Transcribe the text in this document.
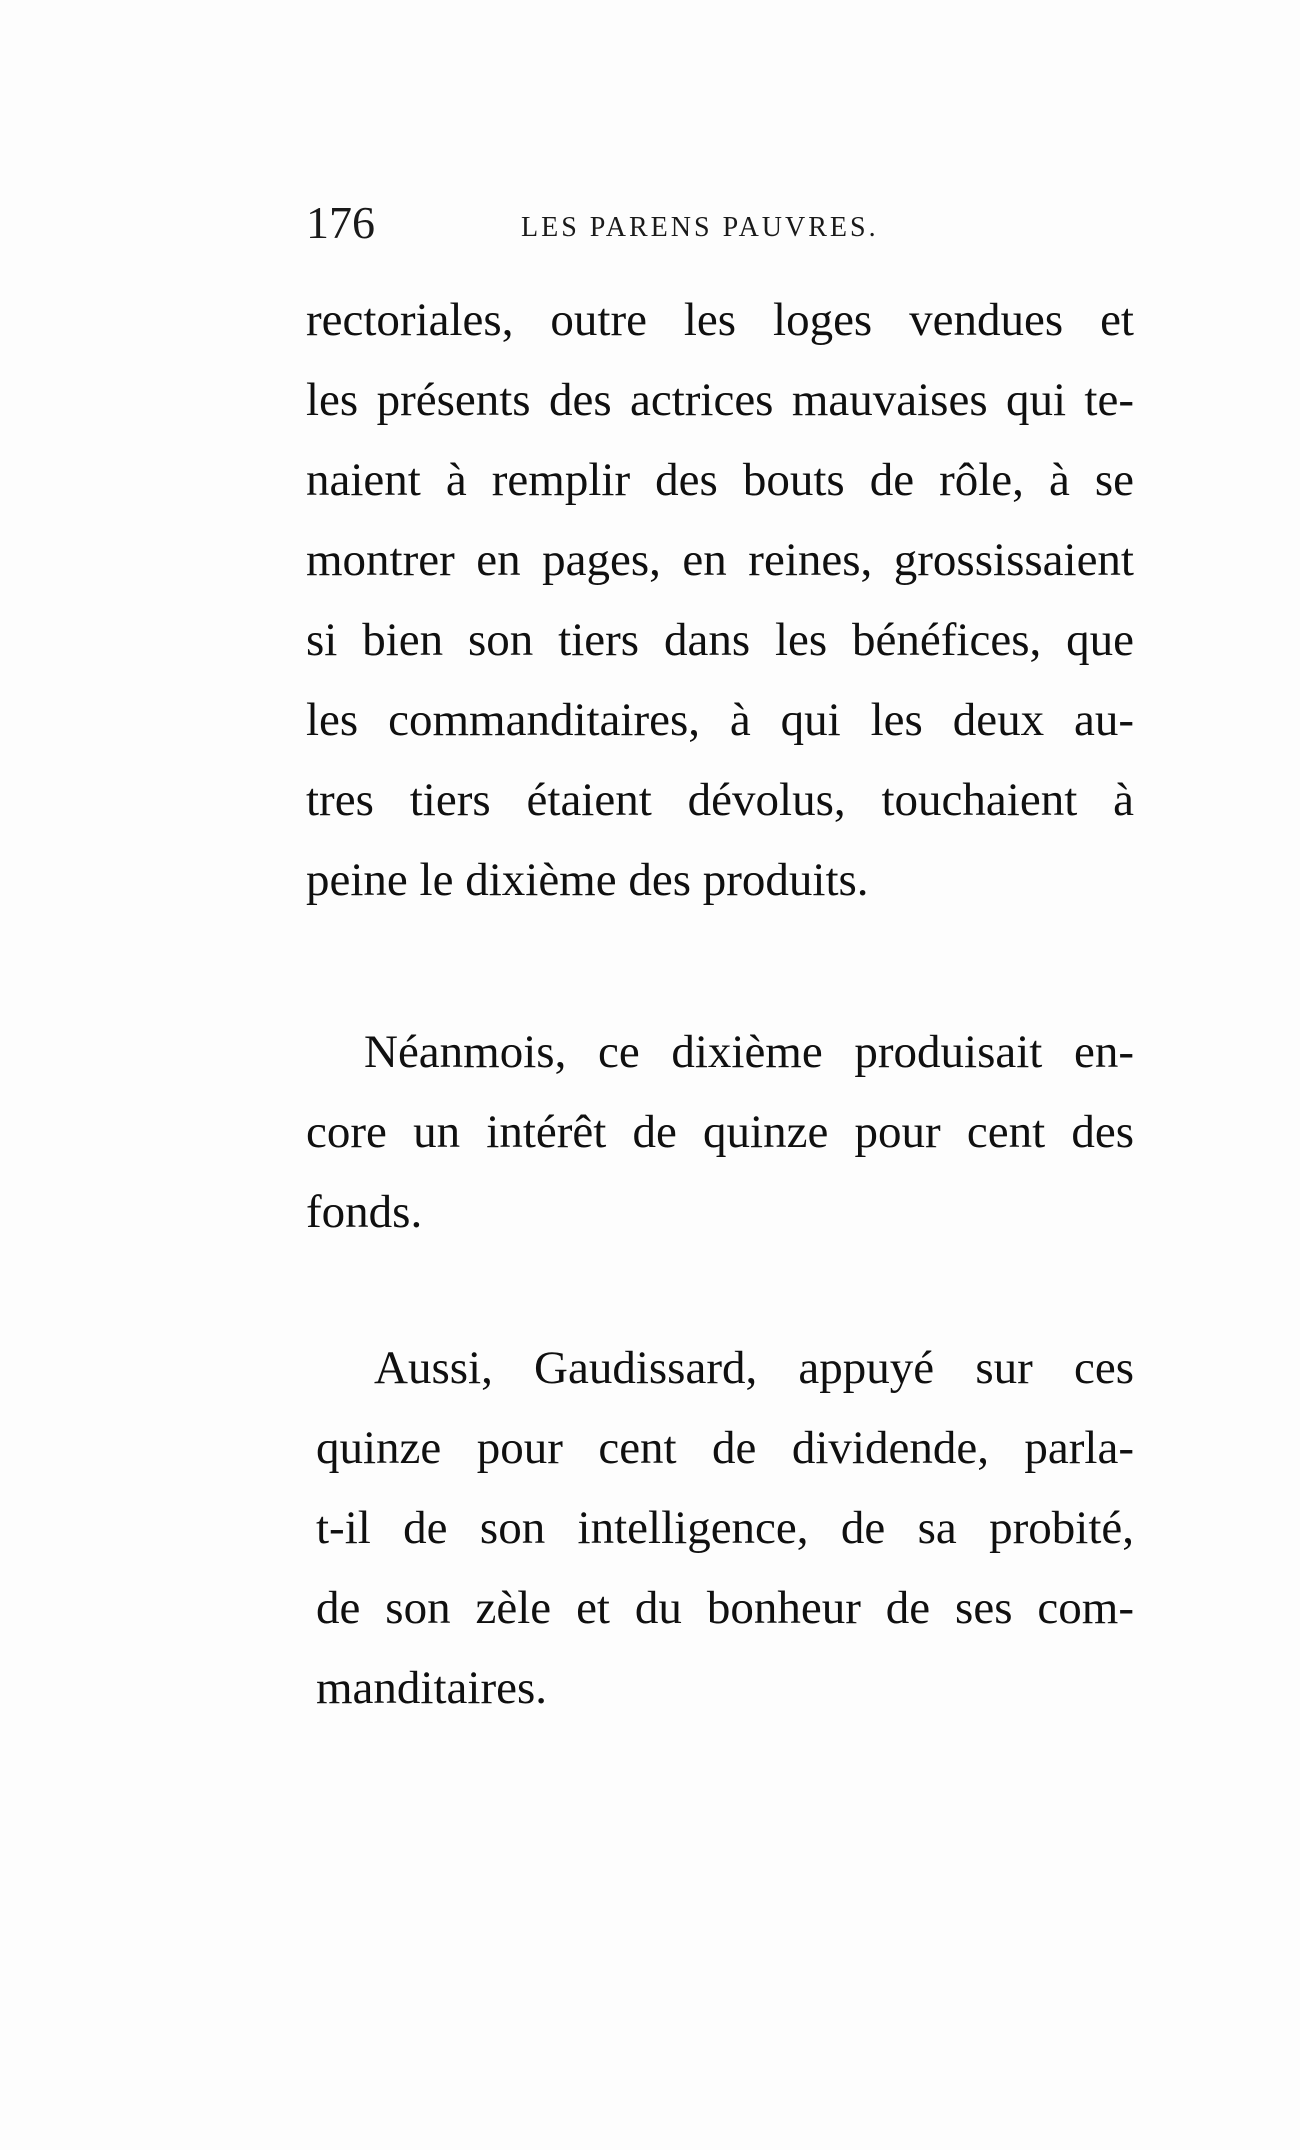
176	LES PARENS PAUVRES.
rectoriales, outre les loges vendues et
les présents des actrices mauvaises qui te-
naient à remplir des bouts de rôle, à se
montrer en pages, en reines, grossissaient
si bien son tiers dans les bénéfices, que
les commanditaires, à qui les deux au-
tres tiers étaient dévolus, touchaient à
peine le dixième des produits.
Néanmois, ce dixième produisait en-
core un intérêt de quinze pour cent des
fonds.
Aussi, Gaudissard, appuyé sur ces
quinze pour cent de dividende, parla-
t-il de son intelligence, de sa probité,
de son zèle et du bonheur de ses com-
manditaires.
